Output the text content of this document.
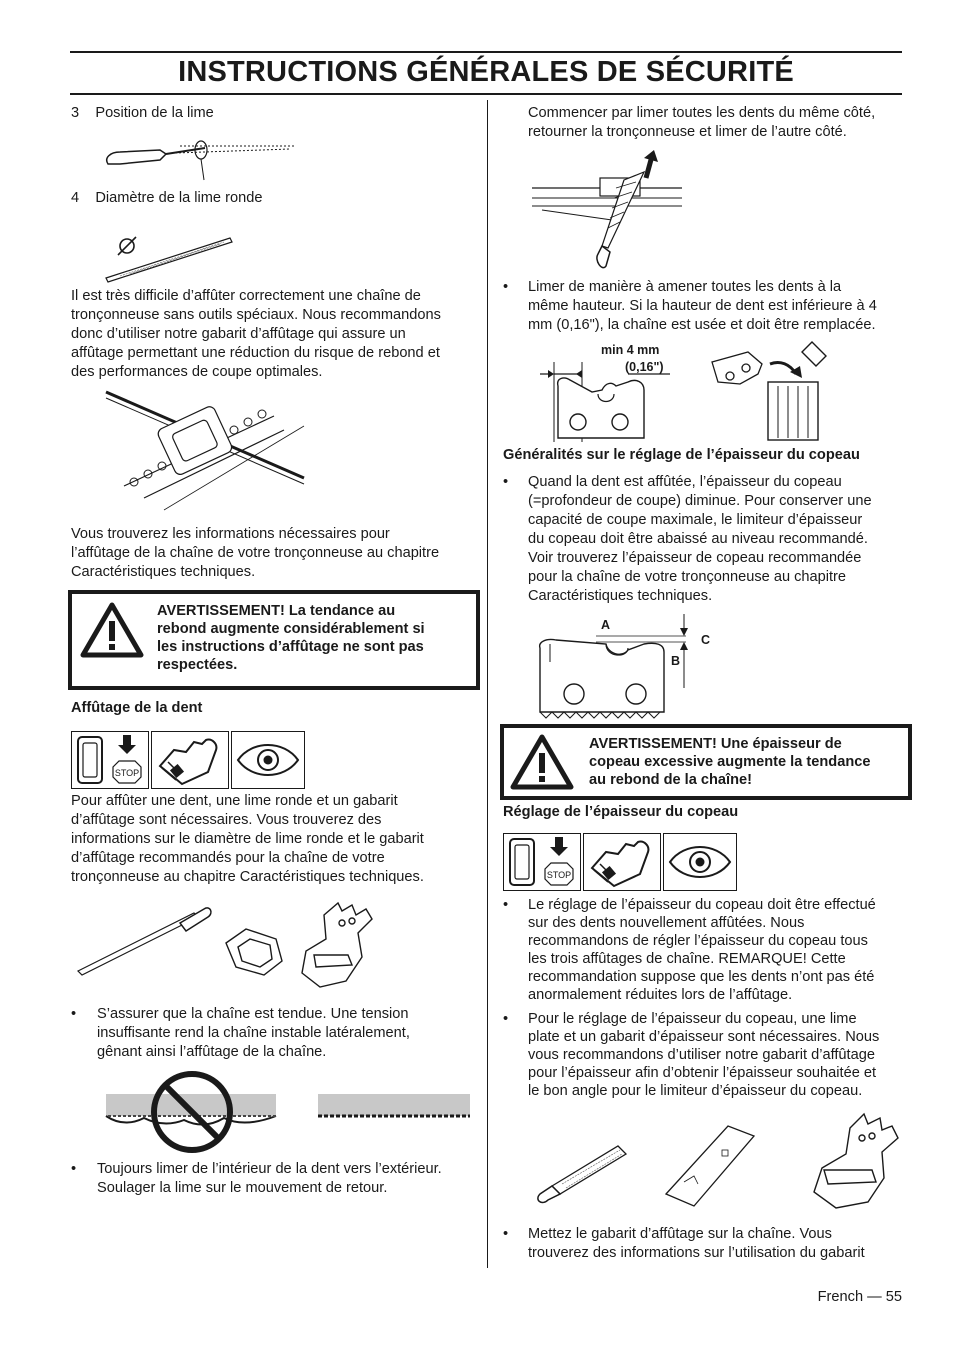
INSTRUCTIONS GÉNÉRALES DE SÉCURITÉ
3    Position de la lime
4    Diamètre de la lime ronde
Il est très difficile d’affûter correctement une chaîne de
tronçonneuse sans outils spéciaux. Nous recommandons
donc d’utiliser notre gabarit d’affûtage qui assure un
affûtage permettant une réduction du risque de rebond et
des performances de coupe optimales.
Vous trouverez les informations nécessaires pour
l’affûtage de la chaîne de votre tronçonneuse au chapitre
Caractéristiques techniques.
AVERTISSEMENT! La tendance au
rebond augmente considérablement si
les instructions d’affûtage ne sont pas
respectées.
Affûtage de la dent
STOP
Pour affûter une dent, une lime ronde et un gabarit
d’affûtage sont nécessaires. Vous trouverez des
informations sur le diamètre de lime ronde et le gabarit
d’affûtage recommandés pour la chaîne de votre
tronçonneuse au chapitre Caractéristiques techniques.
• S’assurer que la chaîne est tendue. Une tension
insuffisante rend la chaîne instable latéralement,
gênant ainsi l’affûtage de la chaîne.
• Toujours limer de l’intérieur de la dent vers l’extérieur.
Soulager la lime sur le mouvement de retour.
Commencer par limer toutes les dents du même côté,
retourner la tronçonneuse et limer de l’autre côté.
• Limer de manière à amener toutes les dents à la
même hauteur. Si la hauteur de dent est inférieure à 4
mm (0,16"), la chaîne est usée et doit être remplacée.
min 4 mm
(0,16")
Généralités sur le réglage de l’épaisseur du copeau
• Quand la dent est affûtée, l’épaisseur du copeau
(=profondeur de coupe) diminue. Pour conserver une
capacité de coupe maximale, le limiteur d’épaisseur
du copeau doit être abaissé au niveau recommandé.
Voir trouverez l’épaisseur de copeau recommandée
pour la chaîne de votre tronçonneuse au chapitre
Caractéristiques techniques.
A
C
B
AVERTISSEMENT! Une épaisseur de
copeau excessive augmente la tendance
au rebond de la chaîne!
Réglage de l’épaisseur du copeau
STOP
• Le réglage de l’épaisseur du copeau doit être effectué
sur des dents nouvellement affûtées. Nous
recommandons de régler l’épaisseur du copeau tous
les trois affûtages de chaîne. REMARQUE! Cette
recommandation suppose que les dents n’ont pas été
anormalement réduites lors de l’affûtage.
• Pour le réglage de l’épaisseur du copeau, une lime
plate et un gabarit d’épaisseur sont nécessaires. Nous
vous recommandons d’utiliser notre gabarit d’affûtage
pour l’épaisseur afin d’obtenir l’épaisseur souhaitée et
le bon angle pour le limiteur d’épaisseur du copeau.
• Mettez le gabarit d’affûtage sur la chaîne. Vous
trouverez des informations sur l’utilisation du gabarit
French — 55
